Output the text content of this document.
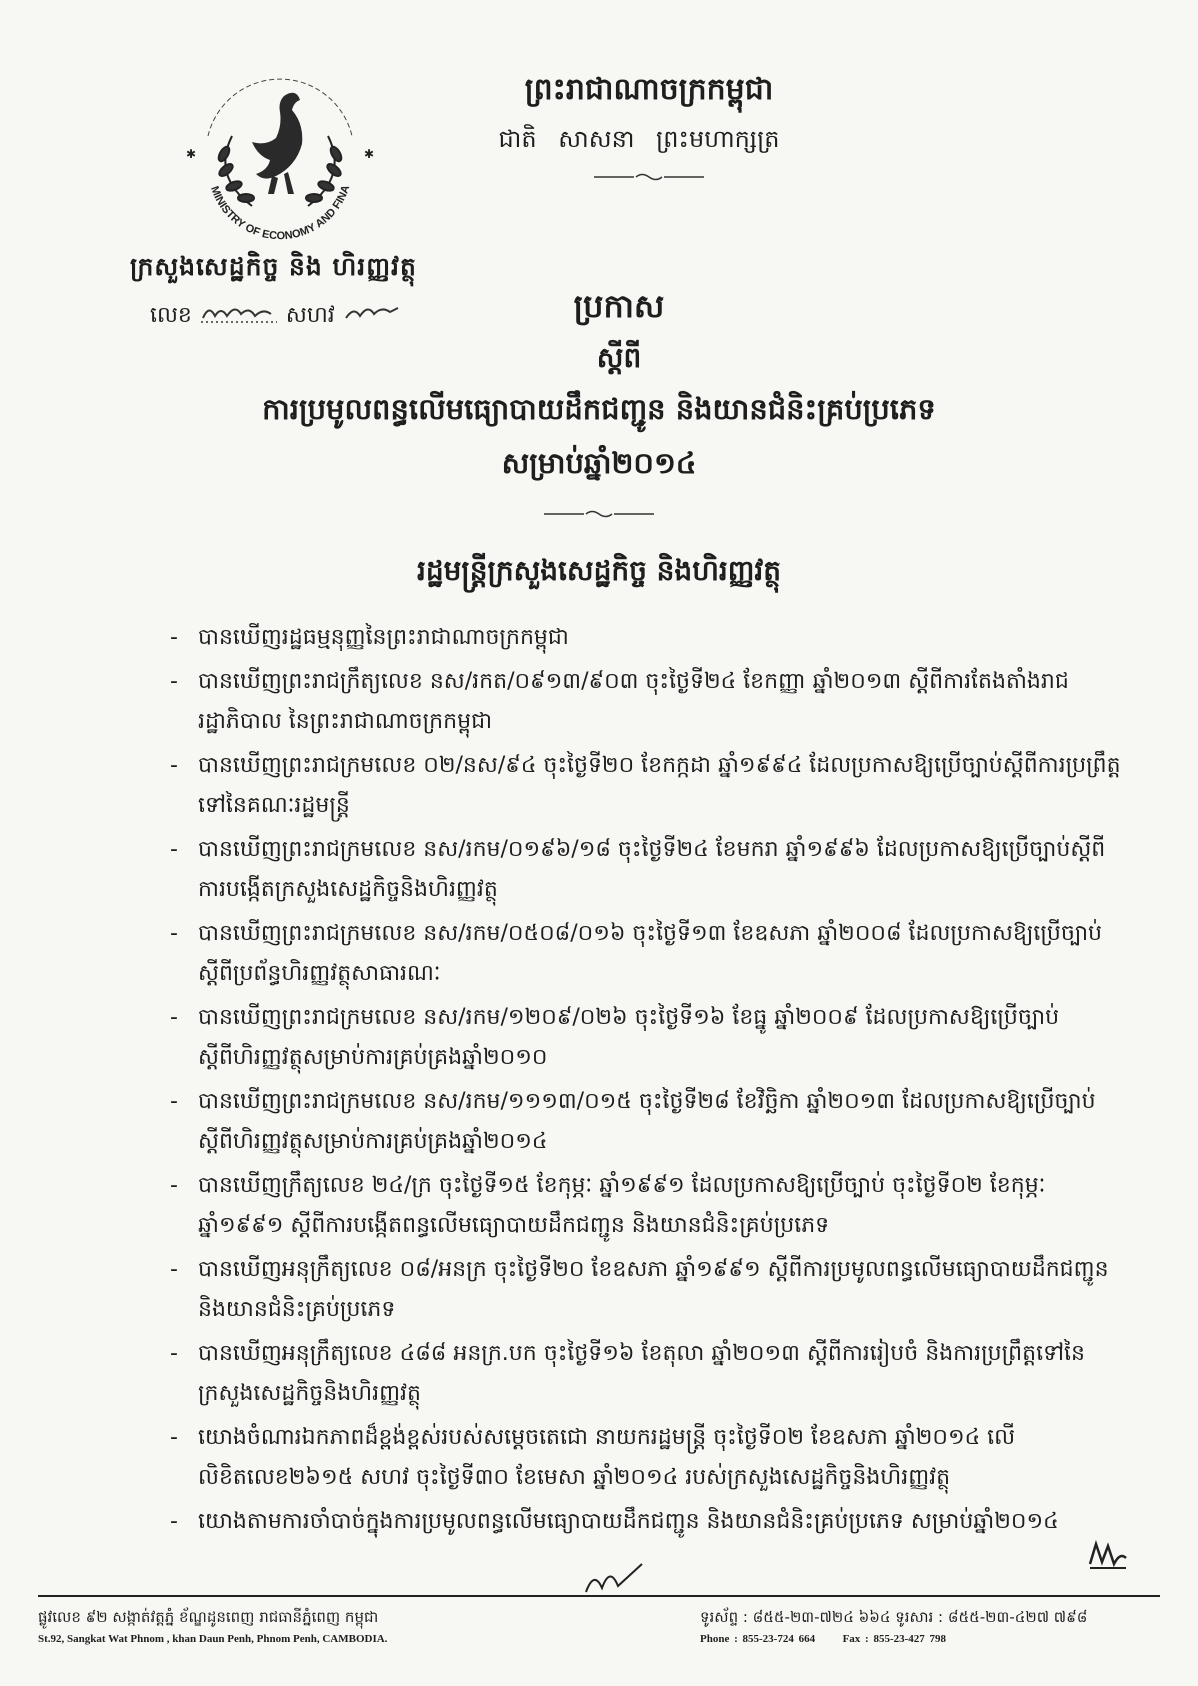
MINISTRY OF ECONOMY AND FINA
✱	✱
ក្រសួងសេដ្ឋកិច្ច និង ហិរញ្ញវត្ថុ
លេខ	សហវ
ព្រះរាជាណាចក្រកម្ពុជា
ជាតិ សាសនា ព្រះមហាក្សត្រ
ប្រកាស
ស្តីពី
ការប្រមូលពន្ធលើមធ្យោបាយដឹកជញ្ជូន និងយានជំនិះគ្រប់ប្រភេទ
សម្រាប់ឆ្នាំ២០១៤
រដ្ឋមន្ត្រីក្រសួងសេដ្ឋកិច្ច និងហិរញ្ញវត្ថុ
- បានឃើញរដ្ឋធម្មនុញ្ញនៃព្រះរាជាណាចក្រកម្ពុជា
- បានឃើញព្រះរាជក្រឹត្យលេខ នស/រកត/០៩១៣/៩០៣ ចុះថ្ងៃទី២៤ ខែកញ្ញា ឆ្នាំ២០១៣ ស្តីពីការតែងតាំងរាជរដ្ឋាភិបាល នៃព្រះរាជាណាចក្រកម្ពុជា
- បានឃើញព្រះរាជក្រមលេខ ០២/នស/៩៤ ចុះថ្ងៃទី២០ ខែកក្កដា ឆ្នាំ១៩៩៤ ដែលប្រកាសឱ្យប្រើច្បាប់ស្តីពីការប្រព្រឹត្តទៅនៃគណៈរដ្ឋមន្ត្រី
- បានឃើញព្រះរាជក្រមលេខ នស/រកម/០១៩៦/១៨ ចុះថ្ងៃទី២៤ ខែមករា ឆ្នាំ១៩៩៦ ដែលប្រកាសឱ្យប្រើច្បាប់ស្តីពីការបង្កើតក្រសួងសេដ្ឋកិច្ចនិងហិរញ្ញវត្ថុ
- បានឃើញព្រះរាជក្រមលេខ នស/រកម/០៥០៨/០១៦ ចុះថ្ងៃទី១៣ ខែឧសភា ឆ្នាំ២០០៨ ដែលប្រកាសឱ្យប្រើច្បាប់ស្តីពីប្រព័ន្ធហិរញ្ញវត្ថុសាធារណៈ
- បានឃើញព្រះរាជក្រមលេខ នស/រកម/១២០៩/០២៦ ចុះថ្ងៃទី១៦ ខែធ្នូ ឆ្នាំ២០០៩ ដែលប្រកាសឱ្យប្រើច្បាប់ស្តីពីហិរញ្ញវត្ថុសម្រាប់ការគ្រប់គ្រងឆ្នាំ២០១០
- បានឃើញព្រះរាជក្រមលេខ នស/រកម/១១១៣/០១៥ ចុះថ្ងៃទី២៨ ខែវិច្ឆិកា ឆ្នាំ២០១៣ ដែលប្រកាសឱ្យប្រើច្បាប់ស្តីពីហិរញ្ញវត្ថុសម្រាប់ការគ្រប់គ្រងឆ្នាំ២០១៤
- បានឃើញក្រឹត្យលេខ ២៤/ក្រ ចុះថ្ងៃទី១៥ ខែកុម្ភៈ ឆ្នាំ១៩៩១ ដែលប្រកាសឱ្យប្រើច្បាប់ ចុះថ្ងៃទី០២ ខែកុម្ភៈ ឆ្នាំ១៩៩១ ស្តីពីការបង្កើតពន្ធលើមធ្យោបាយដឹកជញ្ជូន និងយានជំនិះគ្រប់ប្រភេទ
- បានឃើញអនុក្រឹត្យលេខ ០៨/អនក្រ ចុះថ្ងៃទី២០ ខែឧសភា ឆ្នាំ១៩៩១ ស្តីពីការប្រមូលពន្ធលើមធ្យោបាយដឹកជញ្ជូននិងយានជំនិះគ្រប់ប្រភេទ
- បានឃើញអនុក្រឹត្យលេខ ៤៨៨ អនក្រ.បក ចុះថ្ងៃទី១៦ ខែតុលា ឆ្នាំ២០១៣ ស្តីពីការរៀបចំ និងការប្រព្រឹត្តទៅនៃក្រសួងសេដ្ឋកិច្ចនិងហិរញ្ញវត្ថុ
- យោងចំណារឯកភាពដ៏ខ្ពង់ខ្ពស់របស់សម្តេចតេជោ នាយករដ្ឋមន្ត្រី ចុះថ្ងៃទី០២ ខែឧសភា ឆ្នាំ២០១៤ លើលិខិតលេខ២៦១៥ សហវ ចុះថ្ងៃទី៣០ ខែមេសា ឆ្នាំ២០១៤ របស់ក្រសួងសេដ្ឋកិច្ចនិងហិរញ្ញវត្ថុ
- យោងតាមការចាំបាច់ក្នុងការប្រមូលពន្ធលើមធ្យោបាយដឹកជញ្ជូន និងយានជំនិះគ្រប់ប្រភេទ សម្រាប់ឆ្នាំ២០១៤
ផ្លូវលេខ ៩២ សង្កាត់វត្តភ្នំ ខ័ណ្ឌដូនពេញ រាជធានីភ្នំពេញ កម្ពុជា
St.92, Sangkat Wat Phnom , khan Daun Penh, Phnom Penh, CAMBODIA.
ទូរស័ព្ទ : ៨៥៥-២៣-៧២៤ ៦៦៤ ទូរសារ : ៨៥៥-២៣-៤២៧ ៧៩៨
Phone : 855-23-724 664	Fax : 855-23-427 798
